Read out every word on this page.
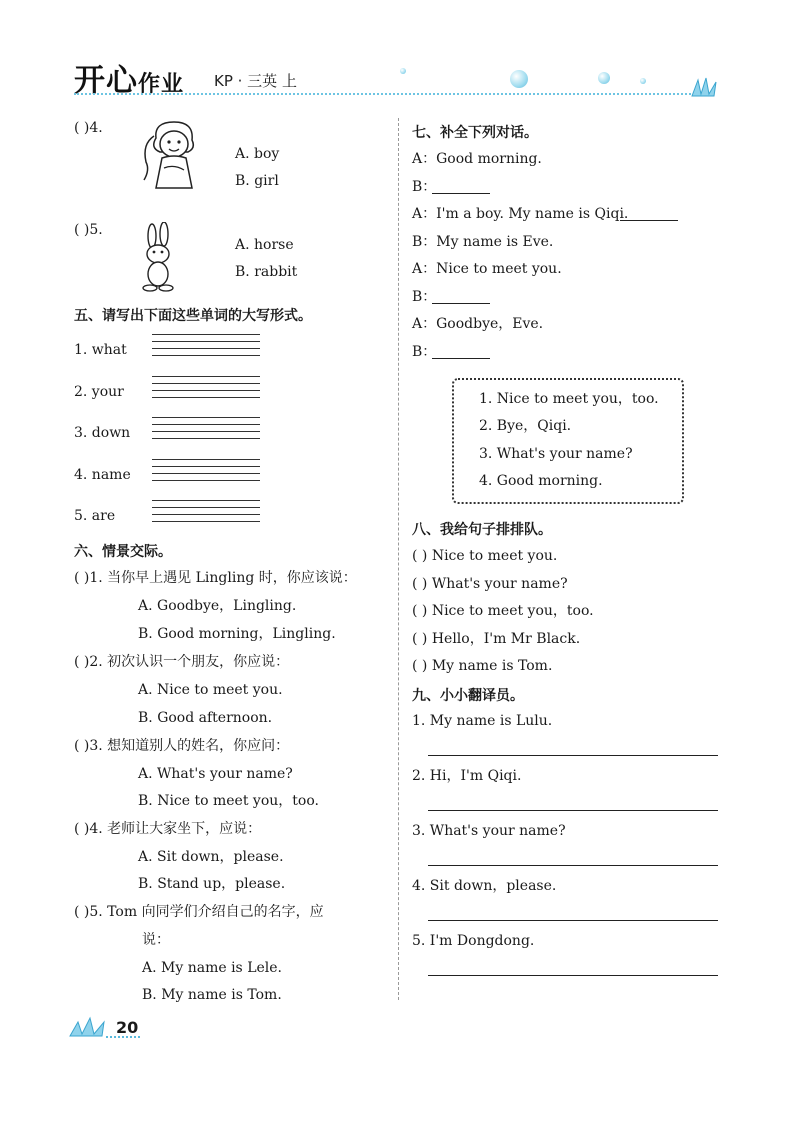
开心作业 KP · 三英 上
( )4.
A. boy
B. girl
( )5.
A. horse
B. rabbit
五、请写出下面这些单词的大写形式。
1. what
2. your
3. down
4. name
5. are
六、情景交际。
( )1. 当你早上遇见 Lingling 时，你应该说：
A. Goodbye，Lingling.
B. Good morning，Lingling.
( )2. 初次认识一个朋友，你应说：
A. Nice to meet you.
B. Good afternoon.
( )3. 想知道别人的姓名，你应问：
A. What's your name?
B. Nice to meet you，too.
( )4. 老师让大家坐下，应说：
A. Sit down，please.
B. Stand up，please.
( )5. Tom 向同学们介绍自己的名字，应
说：
A. My name is Lele.
B. My name is Tom.
七、补全下列对话。
A：Good morning.
B：
A：I'm a boy. My name is Qiqi.
B：My name is Eve.
A：Nice to meet you.
B：
A：Goodbye，Eve.
B：
1. Nice to meet you，too.
2. Bye，Qiqi.
3. What's your name?
4. Good morning.
八、我给句子排排队。
( ) Nice to meet you.
( ) What's your name?
( ) Nice to meet you，too.
( ) Hello，I'm Mr Black.
( ) My name is Tom.
九、小小翻译员。
1. My name is Lulu.
2. Hi，I'm Qiqi.
3. What's your name?
4. Sit down，please.
5. I'm Dongdong.
20
